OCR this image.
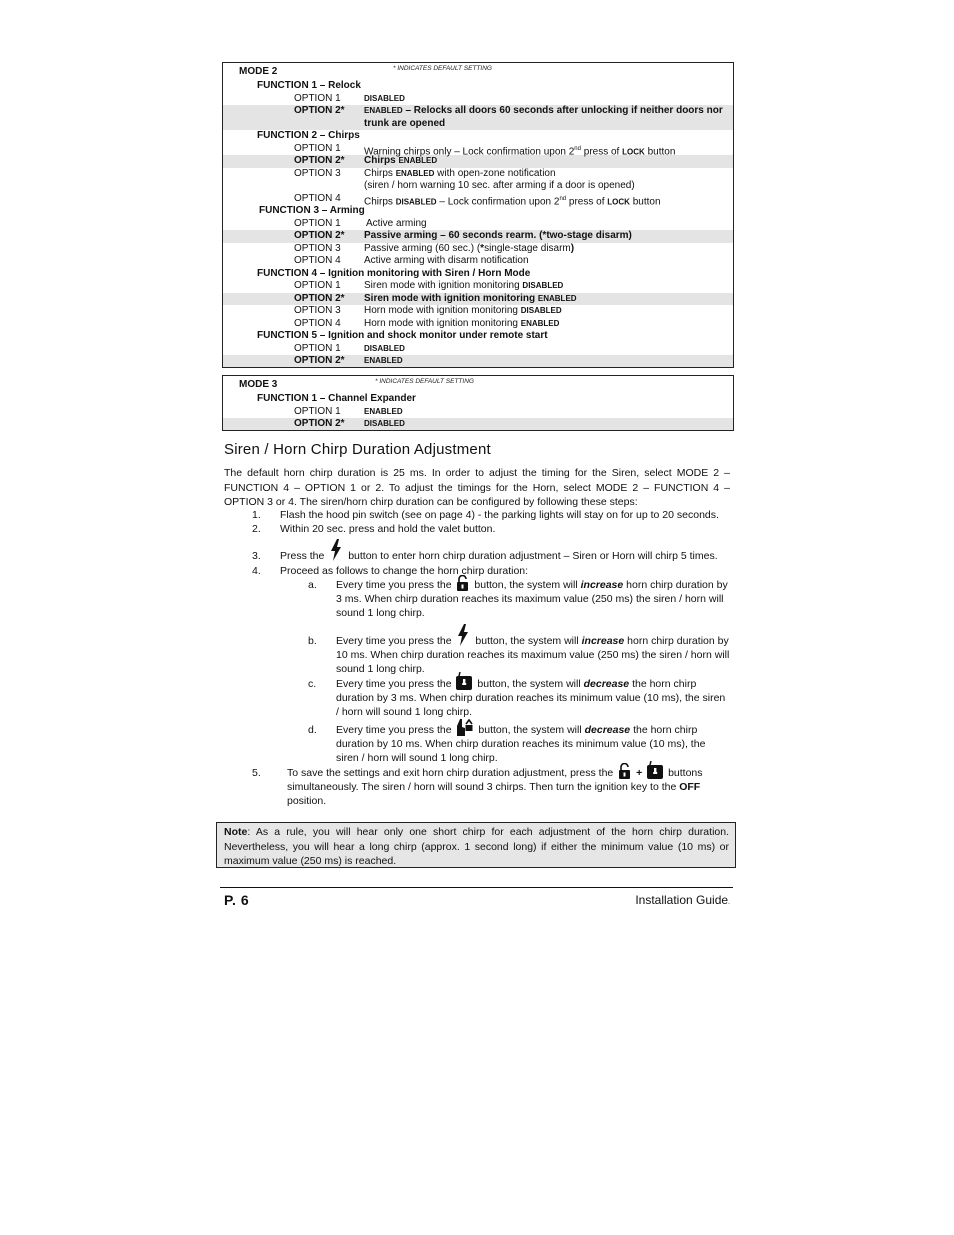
MODE 2	* INDICATES DEFAULT SETTING
FUNCTION 1 – Relock
OPTION 1	DISABLED
OPTION 2*	ENABLED – Relocks all doors 60 seconds after unlocking if neither doors nor trunk are opened
FUNCTION 2 – Chirps
OPTION 1	Warning chirps only – Lock confirmation upon 2nd press of LOCK button
OPTION 2*	Chirps ENABLED
OPTION 3	Chirps ENABLED with open-zone notification
(siren / horn warning 10 sec. after arming if a door is opened)
OPTION 4	Chirps DISABLED – Lock confirmation upon 2nd press of LOCK button
FUNCTION 3 – Arming
OPTION 1	Active arming
OPTION 2*	Passive arming – 60 seconds rearm. (*two-stage disarm)
OPTION 3	Passive arming (60 sec.) (*single-stage disarm)
OPTION 4	Active arming with disarm notification
FUNCTION 4 – Ignition monitoring with Siren / Horn Mode
OPTION 1	Siren mode with ignition monitoring DISABLED
OPTION 2*	Siren mode with ignition monitoring ENABLED
OPTION 3	Horn mode with ignition monitoring DISABLED
OPTION 4	Horn mode with ignition monitoring ENABLED
FUNCTION 5 – Ignition and shock monitor under remote start
OPTION 1	DISABLED
OPTION 2*	ENABLED
MODE 3	* INDICATES DEFAULT SETTING
FUNCTION 1 – Channel Expander
OPTION 1	ENABLED
OPTION 2*	DISABLED
Siren / Horn Chirp Duration Adjustment
The default horn chirp duration is 25 ms. In order to adjust the timing for the Siren, select MODE 2 – FUNCTION 4 – OPTION 1 or 2. To adjust the timings for the Horn, select MODE 2 – FUNCTION 4 – OPTION 3 or 4. The siren/horn chirp duration can be configured by following these steps:
1. Flash the hood pin switch (see on page 4) - the parking lights will stay on for up to 20 seconds.
2. Within 20 sec. press and hold the valet button.
3. Press the  button to enter horn chirp duration adjustment – Siren or Horn will chirp 5 times.
4. Proceed as follows to change the horn chirp duration:
a. Every time you press the  button, the system will increase horn chirp duration by 3 ms. When chirp duration reaches its maximum value (250 ms) the siren / horn will sound 1 long chirp.
b. Every time you press the  button, the system will increase horn chirp duration by 10 ms. When chirp duration reaches its maximum value (250 ms) the siren / horn will sound 1 long chirp.
c. Every time you press the  button, the system will decrease the horn chirp duration by 3 ms. When chirp duration reaches its minimum value (10 ms), the siren / horn will sound 1 long chirp.
d. Every time you press the  button, the system will decrease the horn chirp duration by 10 ms. When chirp duration reaches its minimum value (10 ms), the siren / horn will sound 1 long chirp.
5. To save the settings and exit horn chirp duration adjustment, press the  +  buttons simultaneously. The siren / horn will sound 3 chirps. Then turn the ignition key to the OFF position.
Note: As a rule, you will hear only one short chirp for each adjustment of the horn chirp duration. Nevertheless, you will hear a long chirp (approx. 1 second long) if either the minimum value (10 ms) or maximum value (250 ms) is reached.
P. 6	Installation Guide.
